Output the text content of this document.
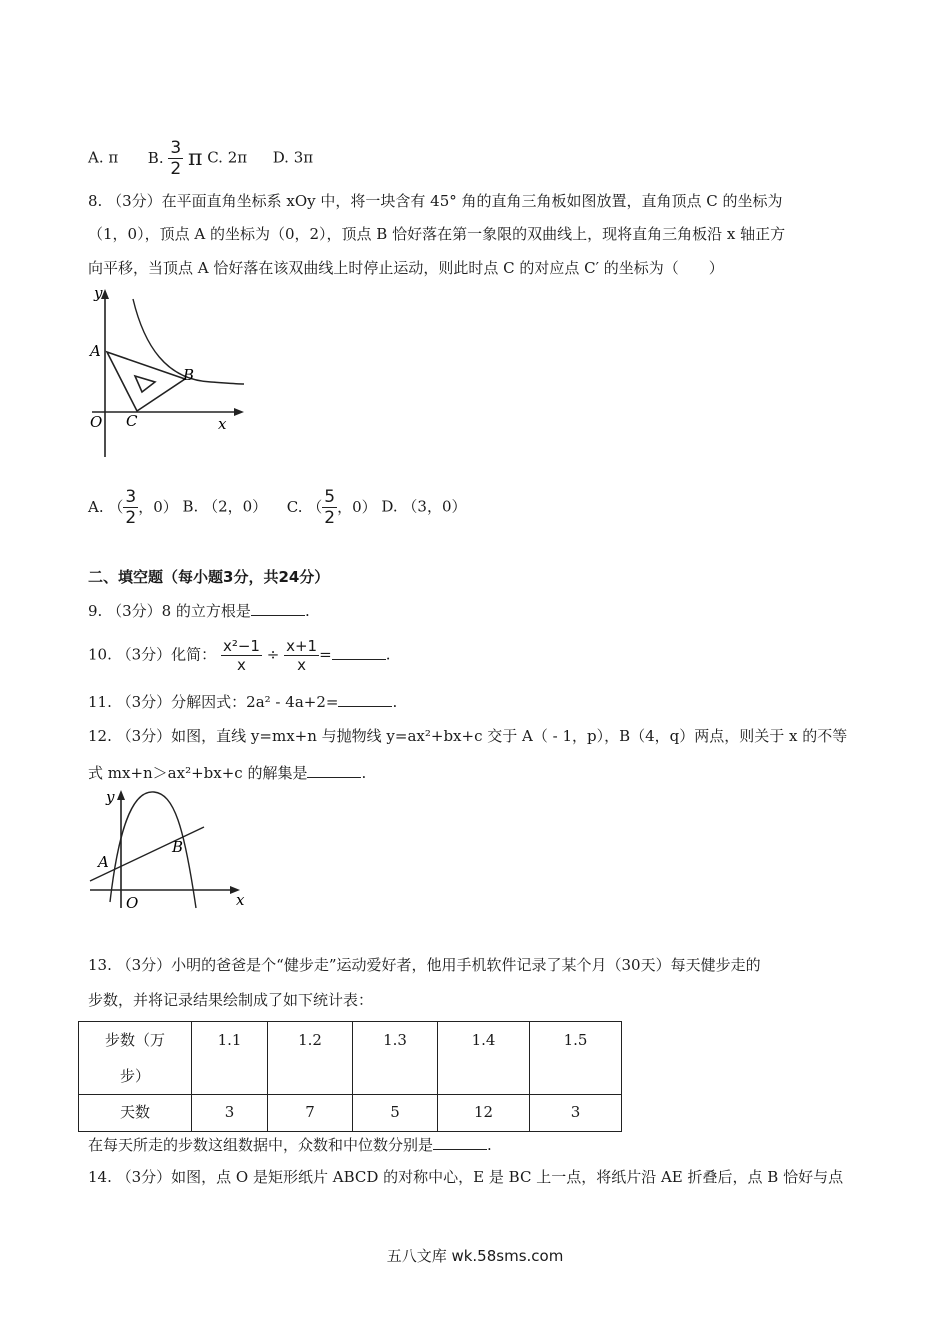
A. π B. $\frac{3}{2}$ π C. 2π D. 3π
8. （3分）在平面直角坐标系 xOy 中，将一块含有 45° 角的直角三角板如图放置，直角顶点 C 的坐标为
（1，0），顶点 A 的坐标为（0，2），顶点 B 恰好落在第一象限的双曲线上，现将直角三角板沿 x 轴正方
向平移，当顶点 A 恰好落在该双曲线上时停止运动，则此时点 C 的对应点 C′ 的坐标为（　　）
y
x
O
A
B
C
A. （ $\frac{3}{2}$ ，0） B. （2，0） C. （ $\frac{5}{2}$ ，0） D. （3，0）
二、填空题（每小题3分，共24分）
9. （3分）8 的立方根是	.
10. （3分）化简： $\frac{\text{x²−1}}{x} \div \frac{x+1}{x}$ =	.
11. （3分）分解因式：2a² - 4a+2=	.
12. （3分）如图，直线 y=mx+n 与抛物线 y=ax²+bx+c 交于 A（ - 1，p），B（4，q）两点，则关于 x 的不等
式 mx+n＞ax²+bx+c 的解集是	.
y
x
O
A
B
13. （3分）小明的爸爸是个“健步走”运动爱好者，他用手机软件记录了某个月（30天）每天健步走的
步数，并将记录结果绘制成了如下统计表：
步数（万
步）	1.1	1.2	1.3	1.4	1.5
天数	3	7	5	12	3
在每天所走的步数这组数据中，众数和中位数分别是	.
14. （3分）如图，点 O 是矩形纸片 ABCD 的对称中心，E 是 BC 上一点，将纸片沿 AE 折叠后，点 B 恰好与点
五八文库 wk.58sms.com
